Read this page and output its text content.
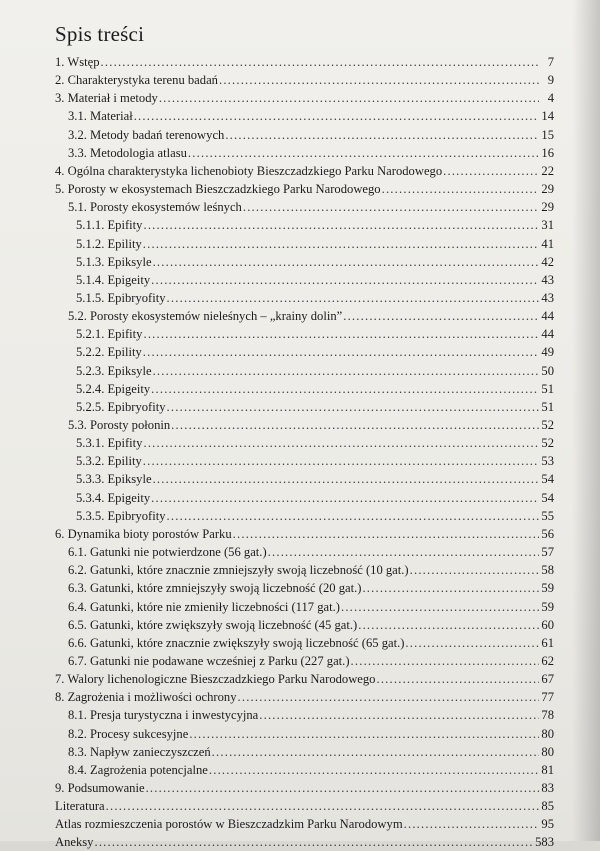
Spis treści
1. Wstęp .....	7
2. Charakterystyka terenu badań .....	9
3. Materiał i metody .....	4
3.1. Materiał .....	14
3.2. Metody badań terenowych .....	15
3.3. Metodologia atlasu .....	16
4. Ogólna charakterystyka lichenobioty Bieszczadzkiego Parku Narodowego .....	22
5. Porosty w ekosystemach Bieszczadzkiego Parku Narodowego .....	29
5.1. Porosty ekosystemów leśnych .....	29
5.1.1. Epifity .....	31
5.1.2. Epility .....	41
5.1.3. Epiksyle .....	42
5.1.4. Epigeity .....	43
5.1.5. Epibryofity .....	43
5.2. Porosty ekosystemów nieleśnych – „krainy dolin” .....	44
5.2.1. Epifity .....	44
5.2.2. Epility .....	49
5.2.3. Epiksyle .....	50
5.2.4. Epigeity .....	51
5.2.5. Epibryofity .....	51
5.3. Porosty połonin .....	52
5.3.1. Epifity .....	52
5.3.2. Epility .....	53
5.3.3. Epiksyle .....	54
5.3.4. Epigeity .....	54
5.3.5. Epibryofity .....	55
6. Dynamika bioty porostów Parku .....	56
6.1. Gatunki nie potwierdzone (56 gat.) .....	57
6.2. Gatunki, które znacznie zmniejszyły swoją liczebność (10 gat.) .....	58
6.3. Gatunki, które zmniejszyły swoją liczebność (20 gat.) .....	59
6.4. Gatunki, które nie zmieniły liczebności (117 gat.) .....	59
6.5. Gatunki, które zwiększyły swoją liczebność (45 gat.) .....	60
6.6. Gatunki, które znacznie zwiększyły swoją liczebność (65 gat.) .....	61
6.7. Gatunki nie podawane wcześniej z Parku (227 gat.) .....	62
7. Walory lichenologiczne Bieszczadzkiego Parku Narodowego .....	67
8. Zagrożenia i możliwości ochrony .....	77
8.1. Presja turystyczna i inwestycyjna .....	78
8.2. Procesy sukcesyjne .....	80
8.3. Napływ zanieczyszczeń .....	80
8.4. Zagrożenia potencjalne .....	81
9. Podsumowanie .....	83
Literatura .....	85
Atlas rozmieszczenia porostów w Bieszczadzkim Parku Narodowym .....	95
Aneksy .....	583
